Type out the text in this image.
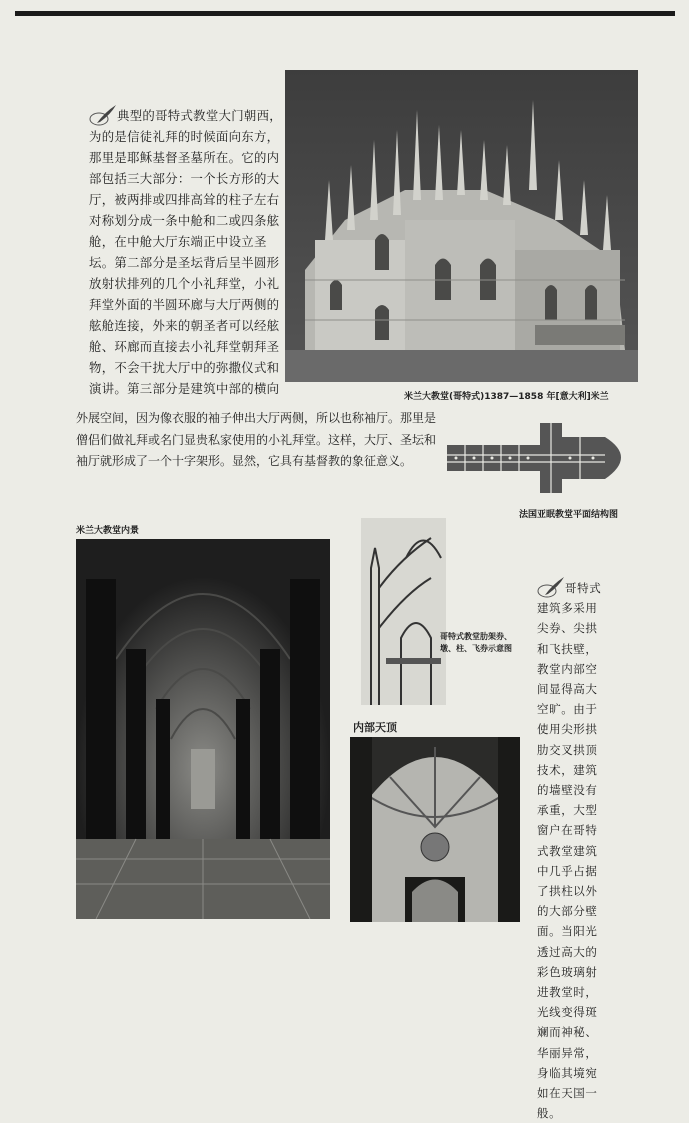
典型的哥特式教堂大门朝西，为的是信徒礼拜的时候面向东方，那里是耶稣基督圣墓所在。它的内部包括三大部分：一个长方形的大厅，被两排或四排高耸的柱子左右对称划分成一条中舱和二或四条舷舱，在中舱大厅东端正中设立圣坛。第二部分是圣坛背后呈半圆形放射状排列的几个小礼拜堂，小礼拜堂外面的半圆环廊与大厅两侧的舷舱连接，外来的朝圣者可以经舷舱、环廊而直接去小礼拜堂朝拜圣物，不会干扰大厅中的弥撒仪式和演讲。第三部分是建筑中部的横向

米兰大教堂(哥特式)1387—1858 年[意大利]米兰

外展空间，因为像衣服的袖子伸出大厅两侧，所以也称袖厅。那里是僧侣们做礼拜或名门显贵私家使用的小礼拜堂。这样，大厅、圣坛和袖厅就形成了一个十字架形。显然，它具有基督教的象征意义。

法国亚眠教堂平面结构图
米兰大教堂内景
哥特式教堂肋架券、墩、柱、飞券示意图
内部天顶

哥特式建筑多采用尖券、尖拱和飞扶壁，教堂内部空间显得高大空旷。由于使用尖形拱肋交叉拱顶技术，建筑的墙壁没有承重，大型窗户在哥特式教堂建筑中几乎占据了拱柱以外的大部分壁面。当阳光透过高大的彩色玻璃射进教堂时，光线变得斑斓而神秘、华丽异常，身临其境宛如在天国一般。
